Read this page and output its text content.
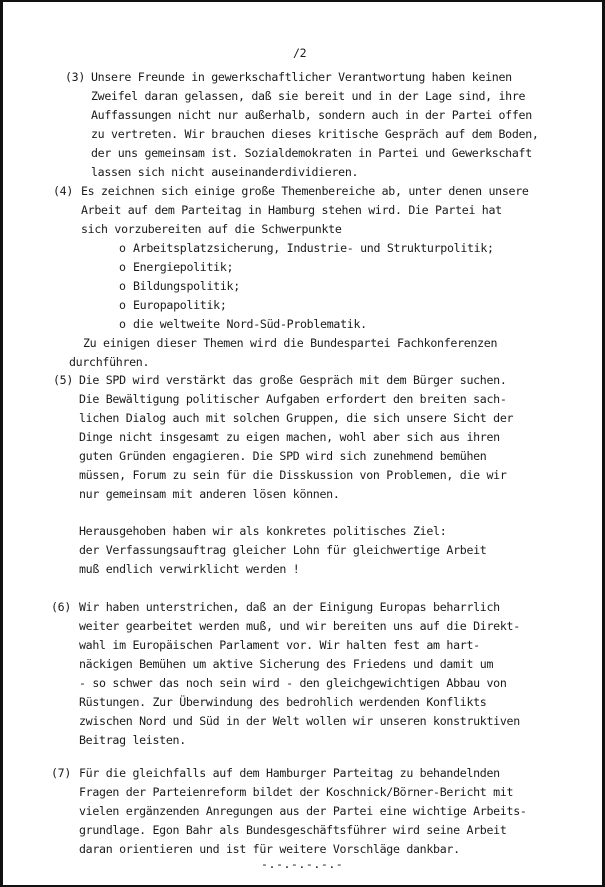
/2
(3) Unsere Freunde in gewerkschaftlicher Verantwortung haben keinen
Zweifel daran gelassen, daß sie bereit und in der Lage sind, ihre
Auffassungen nicht nur außerhalb, sondern auch in der Partei offen
zu vertreten. Wir brauchen dieses kritische Gespräch auf dem Boden,
der uns gemeinsam ist. Sozialdemokraten in Partei und Gewerkschaft
lassen sich nicht auseinanderdividieren.
(4) Es zeichnen sich einige große Themenbereiche ab, unter denen unsere
Arbeit auf dem Parteitag in Hamburg stehen wird. Die Partei hat
sich vorzubereiten auf die Schwerpunkte
o Arbeitsplatzsicherung, Industrie- und Strukturpolitik;
o Energiepolitik;
o Bildungspolitik;
o Europapolitik;
o die weltweite Nord-Süd-Problematik.
Zu einigen dieser Themen wird die Bundespartei Fachkonferenzen
durchführen.
(5) Die SPD wird verstärkt das große Gespräch mit dem Bürger suchen.
Die Bewältigung politischer Aufgaben erfordert den breiten sach-
lichen Dialog auch mit solchen Gruppen, die sich unsere Sicht der
Dinge nicht insgesamt zu eigen machen, wohl aber sich aus ihren
guten Gründen engagieren. Die SPD wird sich zunehmend bemühen
müssen, Forum zu sein für die Disskussion von Problemen, die wir
nur gemeinsam mit anderen lösen können.
Herausgehoben haben wir als konkretes politisches Ziel:
der Verfassungsauftrag gleicher Lohn für gleichwertige Arbeit
muß endlich verwirklicht werden !
(6) Wir haben unterstrichen, daß an der Einigung Europas beharrlich
weiter gearbeitet werden muß, und wir bereiten uns auf die Direkt-
wahl im Europäischen Parlament vor. Wir halten fest am hart-
näckigen Bemühen um aktive Sicherung des Friedens und damit um
- so schwer das noch sein wird - den gleichgewichtigen Abbau von
Rüstungen. Zur Überwindung des bedrohlich werdenden Konflikts
zwischen Nord und Süd in der Welt wollen wir unseren konstruktiven
Beitrag leisten.
(7) Für die gleichfalls auf dem Hamburger Parteitag zu behandelnden
Fragen der Parteienreform bildet der Koschnick/Börner-Bericht mit
vielen ergänzenden Anregungen aus der Partei eine wichtige Arbeits-
grundlage. Egon Bahr als Bundesgeschäftsführer wird seine Arbeit
daran orientieren und ist für weitere Vorschläge dankbar.
-.-.-.-.-.-
